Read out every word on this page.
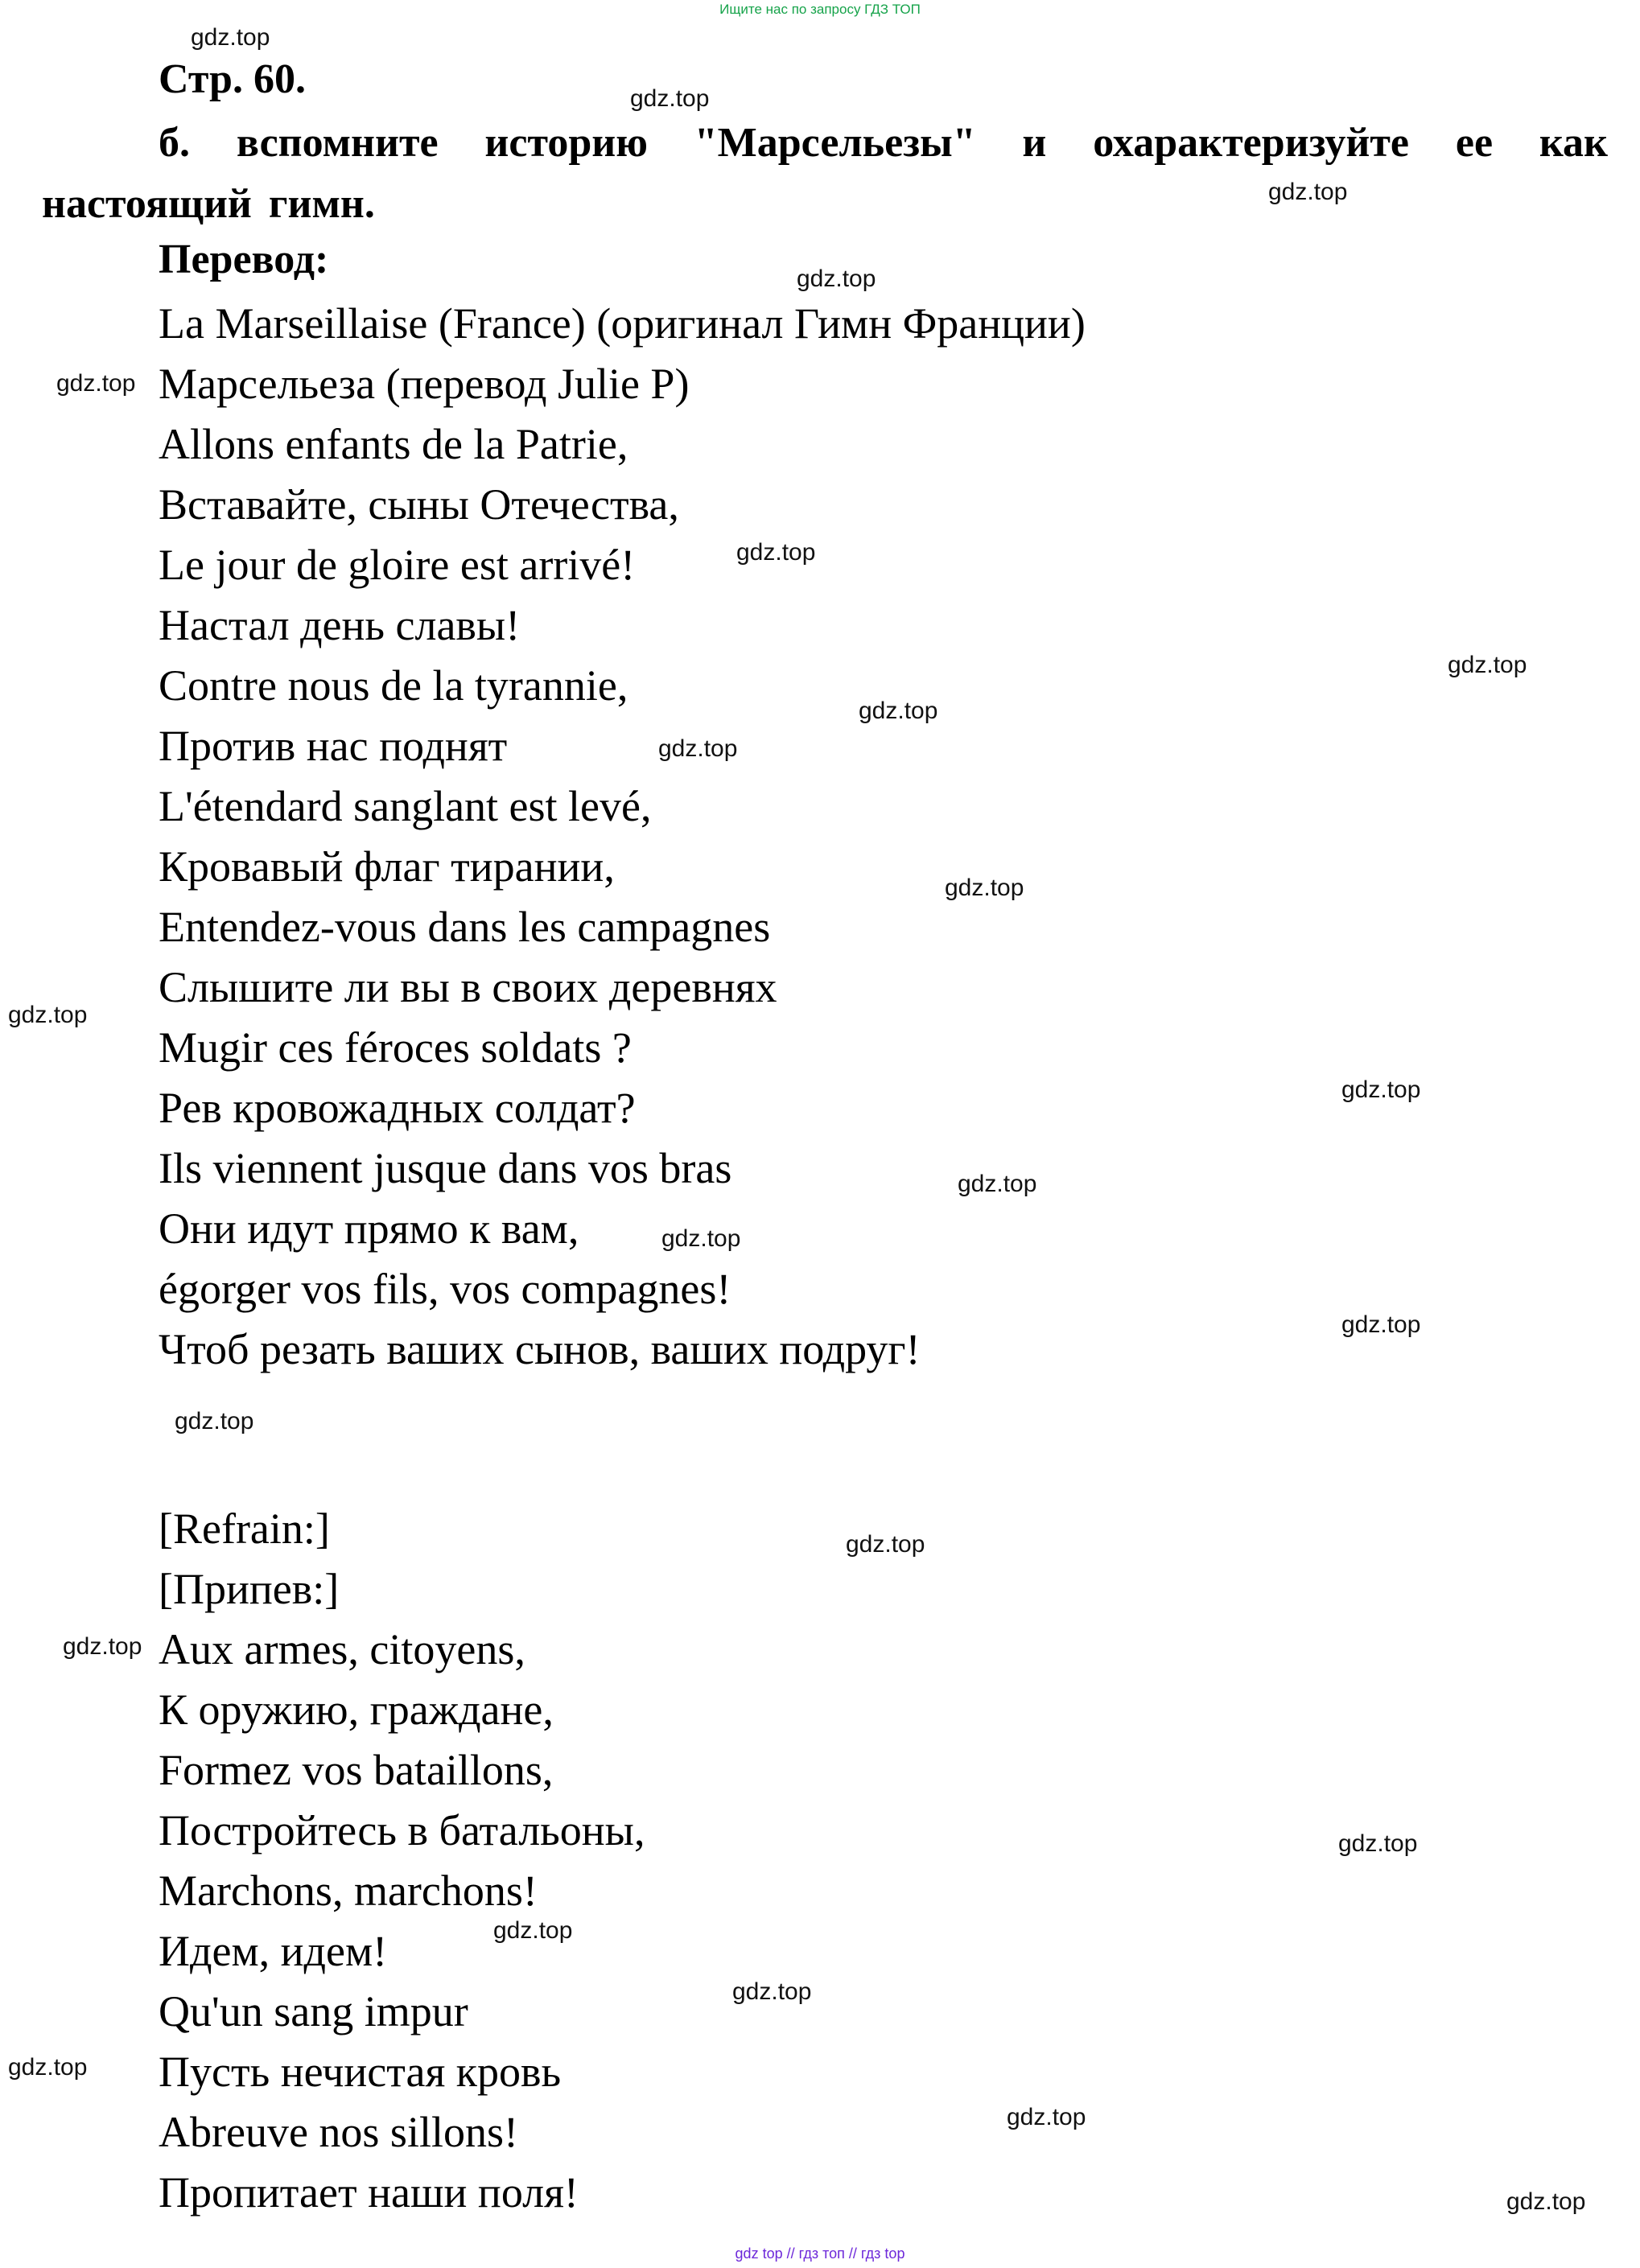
Ищите нас по запросу ГДЗ ТОП
Стр. 60.

б. вспомните историю "Марсельезы" и охарактеризуйте ее как настоящий гимн.

Перевод:
La Marseillaise (France) (оригинал Гимн Франции)
Марсельеза (перевод Julie P)
Allons enfants de la Patrie,
Вставайте, сыны Отечества,
Le jour de gloire est arrivé!
Настал день славы!
Contre nous de la tyrannie,
Против нас поднят
L'étendard sanglant est levé,
Кровавый флаг тирании,
Entendez-vous dans les campagnes
Слышите ли вы в своих деревнях
Mugir ces féroces soldats ?
Рев кровожадных солдат?
Ils viennent jusque dans vos bras
Они идут прямо к вам,
égorger vos fils, vos compagnes!
Чтоб резать ваших сынов, ваших подруг!
[Refrain:]
[Припев:]
Aux armes, citoyens,
К оружию, граждане,
Formez vos bataillons,
Постройтесь в батальоны,
Marchons, marchons!
Идем, идем!
Qu'un sang impur
Пусть нечистая кровь
Abreuve nos sillons!
Пропитает наши поля!
gdz.top
gdz.top
gdz.top
gdz.top
gdz.top
gdz.top
gdz.top
gdz.top
gdz.top
gdz.top
gdz.top
gdz.top
gdz.top
gdz.top
gdz.top
gdz.top
gdz.top
gdz.top
gdz.top
gdz.top
gdz.top
gdz.top
gdz.top
gdz.top
gdz top // гдз топ // гдз top
